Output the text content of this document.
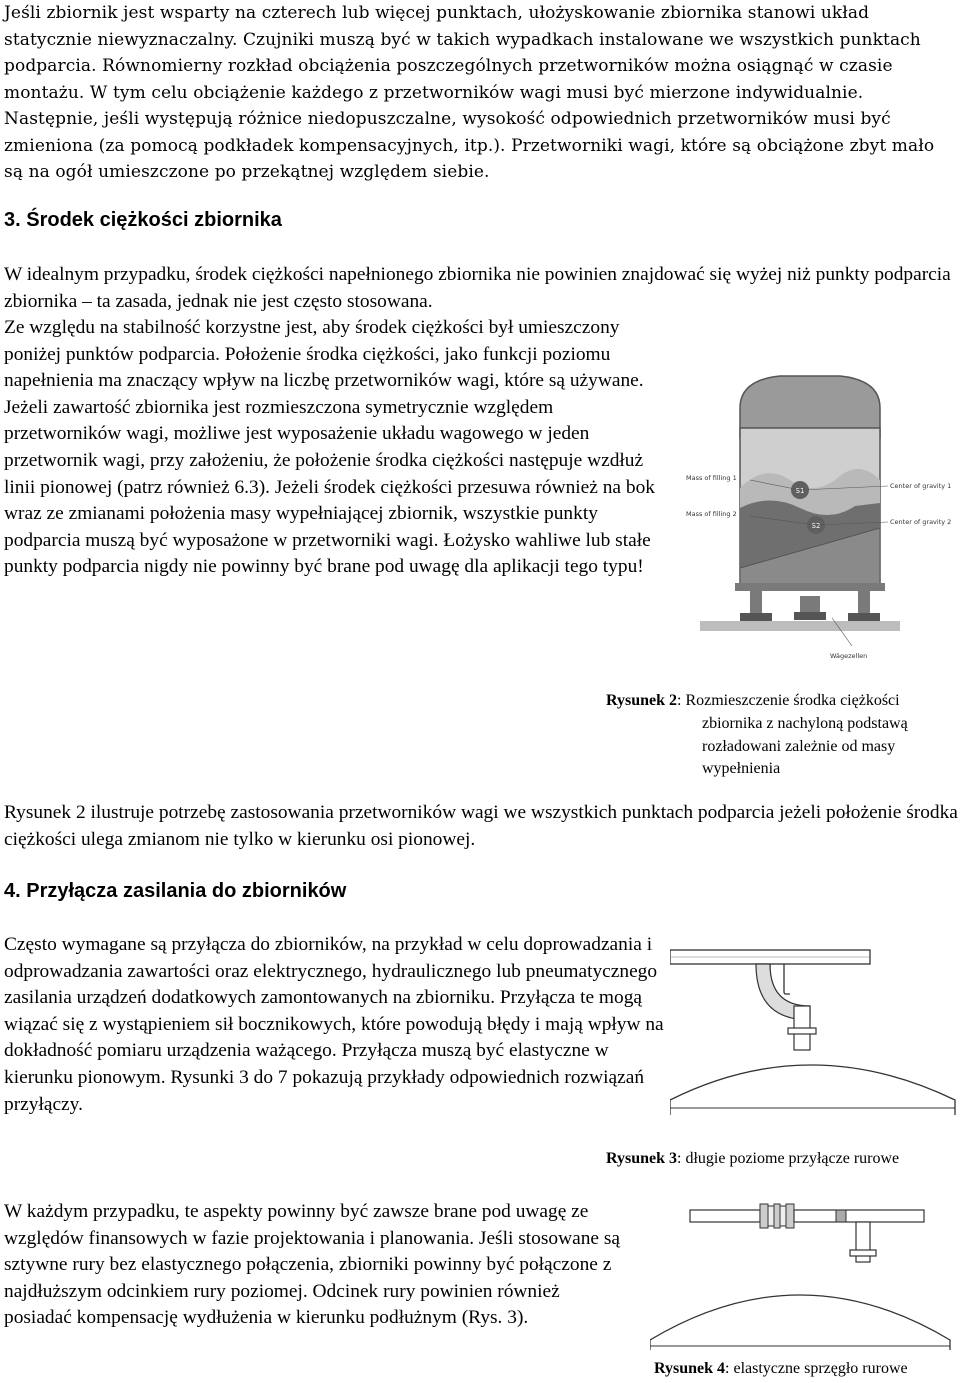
Jeśli zbiornik jest wsparty na czterech lub więcej punktach, ułożyskowanie zbiornika stanowi układ statycznie niewyznaczalny. Czujniki muszą być w takich wypadkach instalowane we wszystkich punktach podparcia. Równomierny rozkład obciążenia poszczególnych przetworników można osiągnąć w czasie montażu. W tym celu obciążenie każdego z przetworników wagi musi być mierzone indywidualnie. Następnie, jeśli występują różnice niedopuszczalne, wysokość odpowiednich przetworników musi być zmieniona (za pomocą podkładek kompensacyjnych, itp.). Przetworniki wagi, które są obciążone zbyt mało są na ogół umieszczone po przekątnej względem siebie.

3. Środek ciężkości zbiornika

W idealnym przypadku, środek ciężkości napełnionego zbiornika nie powinien znajdować się wyżej niż punkty podparcia zbiornika – ta zasada, jednak nie jest często stosowana.

Ze względu na stabilność korzystne jest, aby środek ciężkości był umieszczony poniżej punktów podparcia. Położenie środka ciężkości, jako funkcji poziomu napełnienia ma znaczący wpływ na liczbę przetworników wagi, które są używane. Jeżeli zawartość zbiornika jest rozmieszczona symetrycznie względem przetworników wagi, możliwe jest wyposażenie układu wagowego w jeden przetwornik wagi, przy założeniu, że położenie środka ciężkości następuje wzdłuż linii pionowej (patrz również 6.3). Jeżeli środek ciężkości przesuwa również na bok wraz ze zmianami położenia masy wypełniającej zbiornik, wszystkie punkty podparcia muszą być wyposażone w przetworniki wagi. Łożysko wahliwe lub stałe punkty podparcia nigdy nie powinny być brane pod uwagę dla aplikacji tego typu!

S1
S2
Mass of filling 1
Mass of filling 2
Center of gravity 1
Center of gravity 2
Wägezellen
Rysunek 2: Rozmieszczenie środka ciężkości
zbiornika z nachyloną podstawą
rozładowani zależnie od masy
wypełnienia

Rysunek 2 ilustruje potrzebę zastosowania przetworników wagi we wszystkich punktach podparcia jeżeli położenie środka ciężkości ulega zmianom nie tylko w kierunku osi pionowej.

4. Przyłącza zasilania do zbiorników

Często wymagane są przyłącza do zbiorników, na przykład w celu doprowadzania i odprowadzania zawartości oraz elektrycznego, hydraulicznego lub pneumatycznego zasilania urządzeń dodatkowych zamontowanych na zbiorniku. Przyłącza te mogą wiązać się z wystąpieniem sił bocznikowych, które powodują błędy i mają wpływ na dokładność pomiaru urządzenia ważącego. Przyłącza muszą być elastyczne w kierunku pionowym. Rysunki 3 do 7 pokazują przykłady odpowiednich rozwiązań przyłączy.

Rysunek 3: długie poziome przyłącze rurowe

W każdym przypadku, te aspekty powinny być zawsze brane pod uwagę ze względów finansowych w fazie projektowania i planowania. Jeśli stosowane są sztywne rury bez elastycznego połączenia, zbiorniki powinny być połączone z najdłuższym odcinkiem rury poziomej. Odcinek rury powinien również posiadać kompensację wydłużenia w kierunku podłużnym (Rys. 3).

Rysunek 4: elastyczne sprzęgło rurowe
